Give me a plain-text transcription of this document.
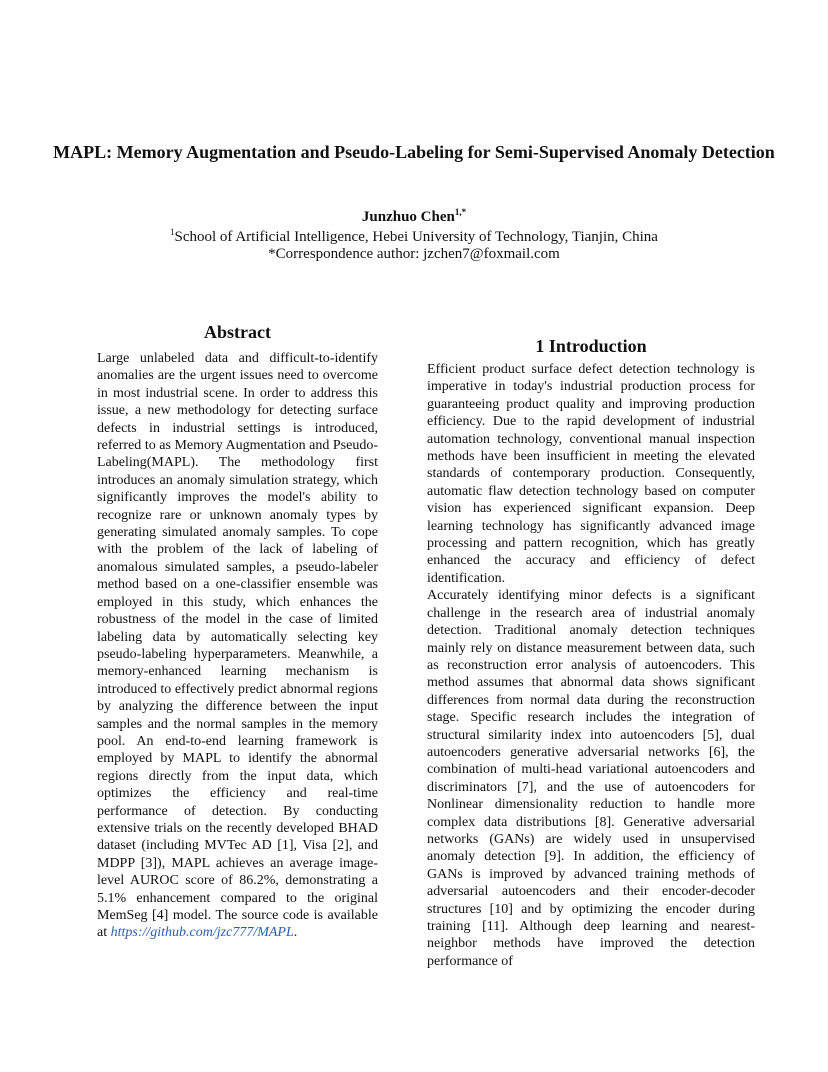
MAPL: Memory Augmentation and Pseudo-Labeling for Semi-Supervised Anomaly Detection
Junzhuo Chen$^{1,*}$
$^1$School of Artificial Intelligence, Hebei University of Technology, Tianjin, China
*Correspondence author: jzchen7@foxmail.com
Abstract

Large unlabeled data and difficult-to-identify anomalies are the urgent issues need to overcome in most industrial scene. In order to address this issue, a new methodology for detecting surface defects in industrial settings is introduced, referred to as Memory Augmentation and Pseudo-Labeling(MAPL). The methodology first introduces an anomaly simulation strategy, which significantly improves the model's ability to recognize rare or unknown anomaly types by generating simulated anomaly samples. To cope with the problem of the lack of labeling of anomalous simulated samples, a pseudo-labeler method based on a one-classifier ensemble was employed in this study, which enhances the robustness of the model in the case of limited labeling data by automatically selecting key pseudo-labeling hyperparameters. Meanwhile, a memory-enhanced learning mechanism is introduced to effectively predict abnormal regions by analyzing the difference between the input samples and the normal samples in the memory pool. An end-to-end learning framework is employed by MAPL to identify the abnormal regions directly from the input data, which optimizes the efficiency and real-time performance of detection. By conducting extensive trials on the recently developed BHAD dataset (including MVTec AD [1], Visa [2], and MDPP [3]), MAPL achieves an average image-level AUROC score of 86.2%, demonstrating a 5.1% enhancement compared to the original MemSeg [4] model. The source code is available at https://github.com/jzc777/MAPL.

1 Introduction

Efficient product surface defect detection technology is imperative in today's industrial production process for guaranteeing product quality and improving production efficiency. Due to the rapid development of industrial automation technology, conventional manual inspection methods have been insufficient in meeting the elevated standards of contemporary production. Consequently, automatic flaw detection technology based on computer vision has experienced significant expansion. Deep learning technology has significantly advanced image processing and pattern recognition, which has greatly enhanced the accuracy and efficiency of defect identification.

Accurately identifying minor defects is a significant challenge in the research area of industrial anomaly detection. Traditional anomaly detection techniques mainly rely on distance measurement between data, such as reconstruction error analysis of autoencoders. This method assumes that abnormal data shows significant differences from normal data during the reconstruction stage. Specific research includes the integration of structural similarity index into autoencoders [5], dual autoencoders generative adversarial networks [6], the combination of multi-head variational autoencoders and discriminators [7], and the use of autoencoders for Nonlinear dimensionality reduction to handle more complex data distributions [8]. Generative adversarial networks (GANs) are widely used in unsupervised anomaly detection [9]. In addition, the efficiency of GANs is improved by advanced training methods of adversarial autoencoders and their encoder-decoder structures [10] and by optimizing the encoder during training [11]. Although deep learning and nearest-neighbor methods have improved the detection performance of
